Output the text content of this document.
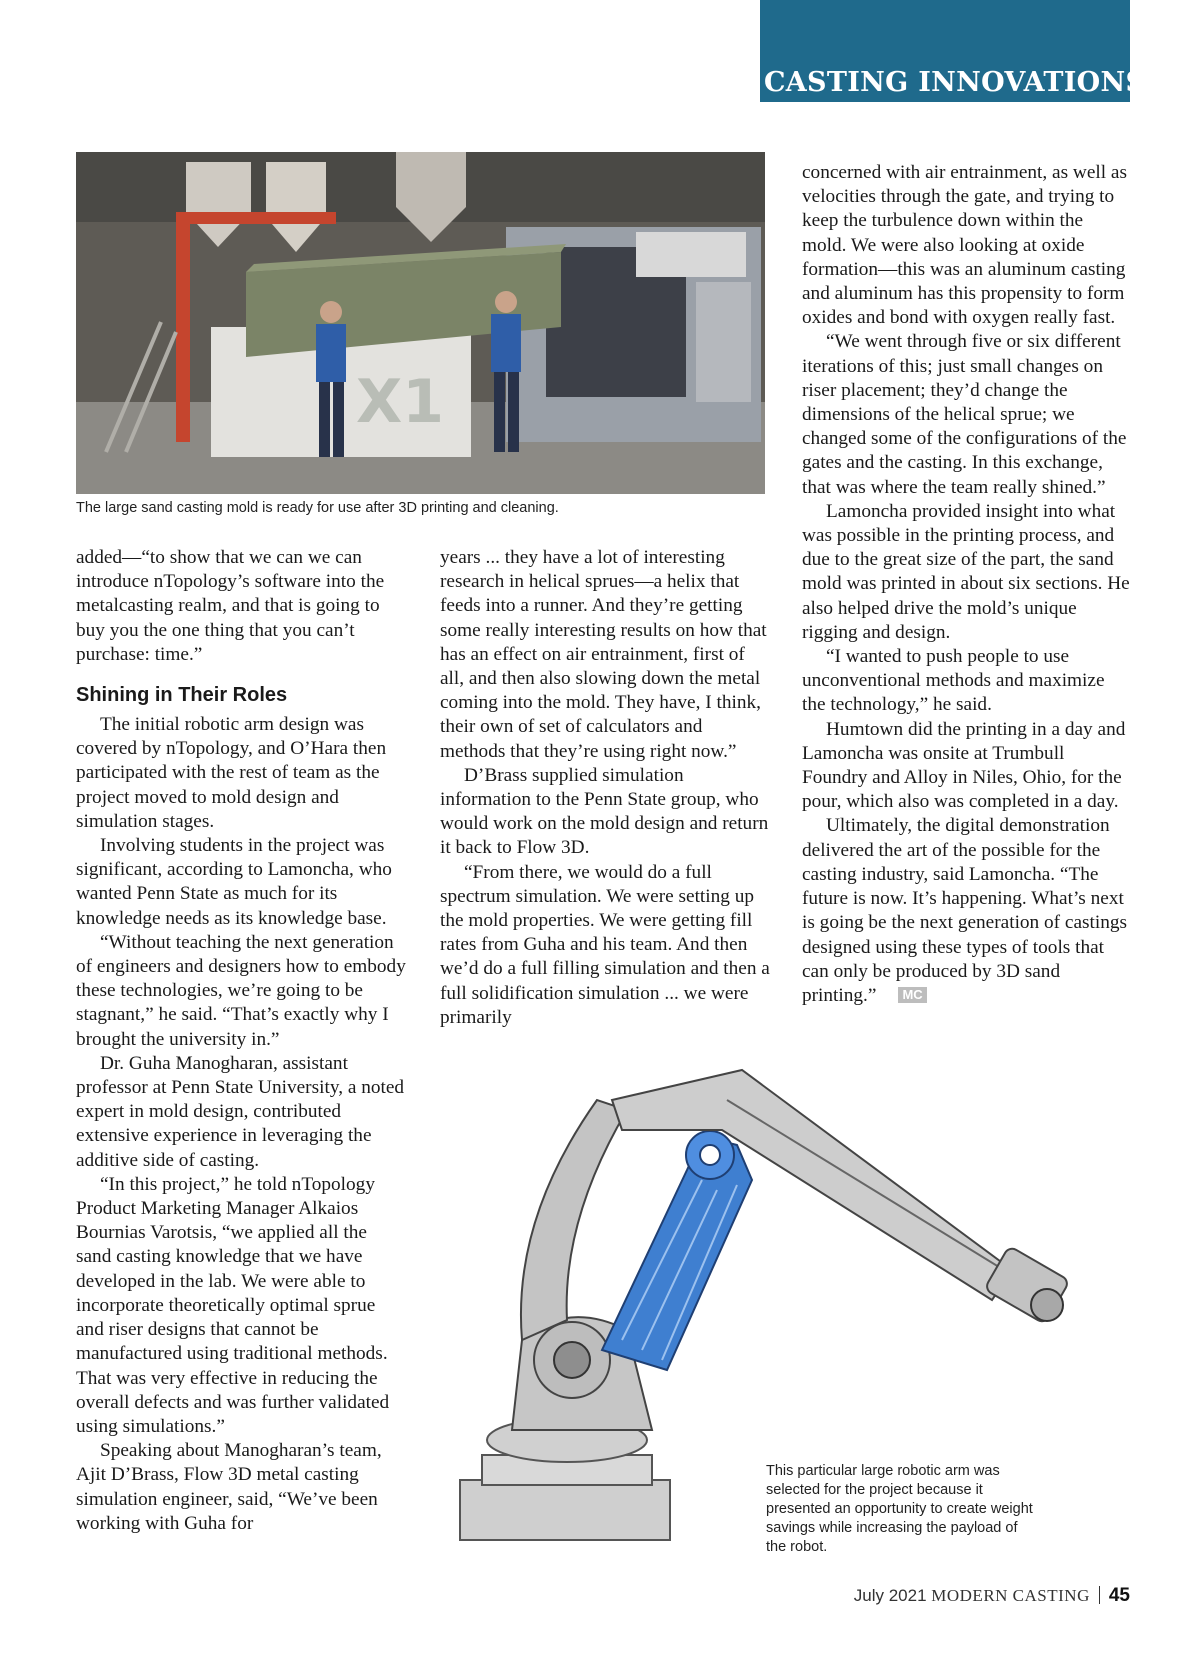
CASTING INNOVATIONS
X1
The large sand casting mold is ready for use after 3D printing and cleaning.

added—“to show that we can we can introduce nTopology’s software into the metalcasting realm, and that is going to buy you the one thing that you can’t purchase: time.”

Shining in Their Roles

The initial robotic arm design was covered by nTopology, and O’Hara then participated with the rest of team as the project moved to mold design and simulation stages.

Involving students in the project was significant, according to Lamoncha, who wanted Penn State as much for its knowledge needs as its knowledge base.

“Without teaching the next generation of engineers and designers how to embody these technologies, we’re going to be stagnant,” he said. “That’s exactly why I brought the university in.”

Dr. Guha Manogharan, assistant professor at Penn State University, a noted expert in mold design, contributed extensive experience in leveraging the additive side of casting.

“In this project,” he told nTopology Product Marketing Manager Alkaios Bournias Varotsis, “we applied all the sand casting knowledge that we have developed in the lab. We were able to incorporate theoretically optimal sprue and riser designs that cannot be manufactured using traditional methods. That was very effective in reducing the overall defects and was further validated using simulations.”

Speaking about Manogharan’s team, Ajit D’Brass, Flow 3D metal casting simulation engineer, said, “We’ve been working with Guha for

years ... they have a lot of interesting research in helical sprues—a helix that feeds into a runner. And they’re getting some really interesting results on how that has an effect on air entrainment, first of all, and then also slowing down the metal coming into the mold. They have, I think, their own of set of calculators and methods that they’re using right now.”

D’Brass supplied simulation information to the Penn State group, who would work on the mold design and return it back to Flow 3D.

“From there, we would do a full spectrum simulation. We were setting up the mold properties. We were getting fill rates from Guha and his team. And then we’d do a full filling simulation and then a full solidification simulation ... we were primarily

concerned with air entrainment, as well as velocities through the gate, and trying to keep the turbulence down within the mold. We were also looking at oxide formation—this was an aluminum casting and aluminum has this propensity to form oxides and bond with oxygen really fast.

“We went through five or six different iterations of this; just small changes on riser placement; they’d change the dimensions of the helical sprue; we changed some of the configurations of the gates and the casting. In this exchange, that was where the team really shined.”

Lamoncha provided insight into what was possible in the printing process, and due to the great size of the part, the sand mold was printed in about six sections. He also helped drive the mold’s unique rigging and design.

“I wanted to push people to use unconventional methods and maximize the technology,” he said.

Humtown did the printing in a day and Lamoncha was onsite at Trumbull Foundry and Alloy in Niles, Ohio, for the pour, which also was completed in a day.

Ultimately, the digital demonstration delivered the art of the possible for the casting industry, said Lamoncha. “The future is now. It’s happening. What’s next is going be the next generation of castings designed using these types of tools that can only be produced by 3D sand printing.” MC

This particular large robotic arm was selected for the project because it presented an opportunity to create weight savings while increasing the payload of the robot.
July 2021 MODERN CASTING 45
